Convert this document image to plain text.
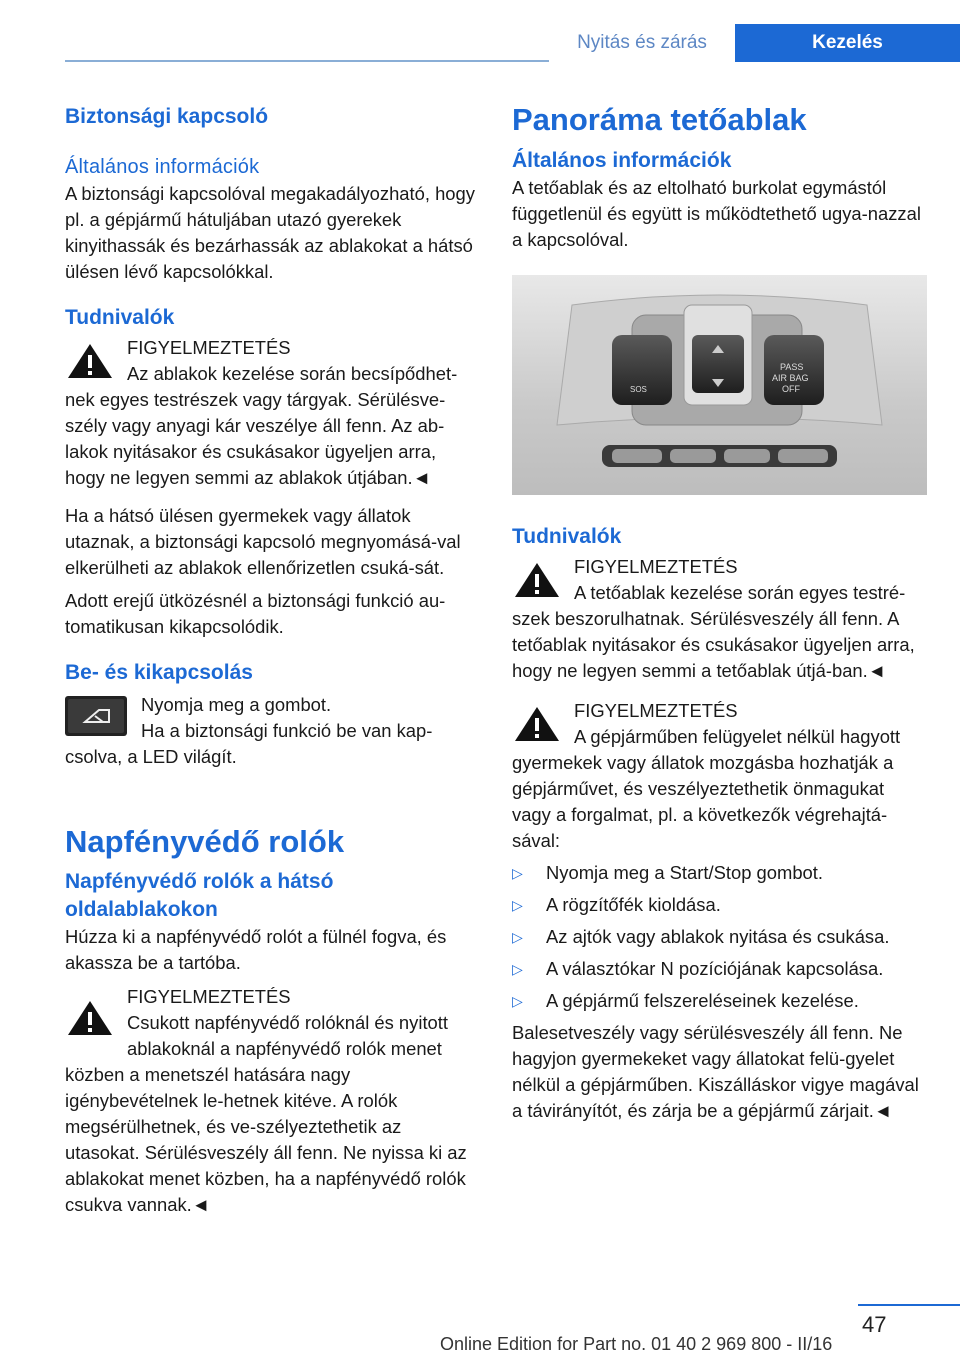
Nyitás és zárás	Kezelés
Biztonsági kapcsoló
Általános információk

A biztonsági kapcsolóval megakadályozható, hogy pl. a gépjármű hátuljában utazó gyerekek kinyithassák és bezárhassák az ablakokat a hátsó ülésen lévő kapcsolókkal.

Tudnivalók

FIGYELMEZTETÉS
Az ablakok kezelése során becsípődhet-nek egyes testrészek vagy tárgyak. Sérülésve-szély vagy anyagi kár veszélye áll fenn. Az ab-lakok nyitásakor és csukásakor ügyeljen arra, hogy ne legyen semmi az ablakok útjában.◄

Ha a hátsó ülésen gyermekek vagy állatok utaznak, a biztonsági kapcsoló megnyomásá-val elkerülheti az ablakok ellenőrizetlen csuká-sát.

Adott erejű ütközésnél a biztonsági funkció au-tomatikusan kikapcsolódik.

Be- és kikapcsolás

Nyomja meg a gombot.
Ha a biztonsági funkció be van kap-csolva, a LED világít.

Napfényvédő rolók
Napfényvédő rolók a hátsó oldalablakokon

Húzza ki a napfényvédő rolót a fülnél fogva, és akassza be a tartóba.

FIGYELMEZTETÉS
Csukott napfényvédő rolóknál és nyitott ablakoknál a napfényvédő rolók menet közben a menetszél hatására nagy igénybevételnek le-hetnek kitéve. A rolók megsérülhetnek, és ve-szélyeztethetik az utasokat. Sérülésveszély áll fenn. Ne nyissa ki az ablakokat menet közben, ha a napfényvédő rolók csukva vannak.◄

Panoráma tetőablak
Általános információk

A tetőablak és az eltolható burkolat egymástól függetlenül és együtt is működtethető ugya-nazzal a kapcsolóval.

SOS
PASS
AIR BAG
OFF
Tudnivalók

FIGYELMEZTETÉS
A tetőablak kezelése során egyes testré-szek beszorulhatnak. Sérülésveszély áll fenn. A tetőablak nyitásakor és csukásakor ügyeljen arra, hogy ne legyen semmi a tetőablak útjá-ban.◄

FIGYELMEZTETÉS
A gépjárműben felügyelet nélkül hagyott gyermekek vagy állatok mozgásba hozhatják a gépjárművet, és veszélyeztethetik önmagukat vagy a forgalmat, pl. a következők végrehajtá-sával:

▷	Nyomja meg a Start/Stop gombot.
▷	A rögzítőfék kioldása.
▷	Az ajtók vagy ablakok nyitása és csukása.
▷	A választókar N pozíciójának kapcsolása.
▷	A gépjármű felszereléseinek kezelése.

Balesetveszély vagy sérülésveszély áll fenn. Ne hagyjon gyermekeket vagy állatokat felü-gyelet nélkül a gépjárműben. Kiszálláskor vigye magával a távirányítót, és zárja be a gépjármű zárjait.◄

47
Online Edition for Part no. 01 40 2 969 800 - II/16
